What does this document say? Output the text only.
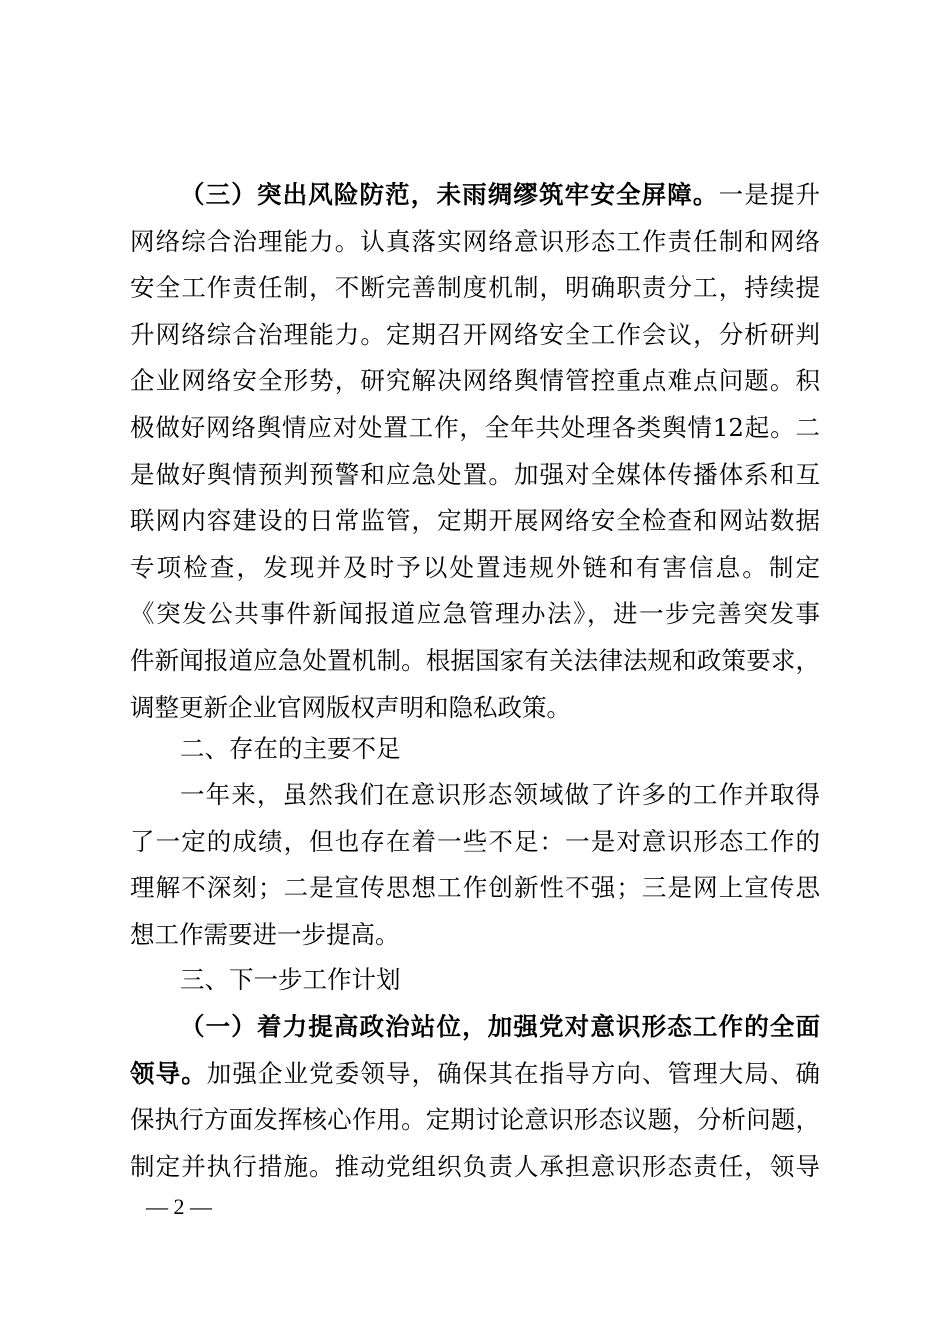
（三）突出风险防范，未雨绸缪筑牢安全屏障。一是提升
网络综合治理能力。认真落实网络意识形态工作责任制和网络
安全工作责任制，不断完善制度机制，明确职责分工，持续提
升网络综合治理能力。定期召开网络安全工作会议，分析研判
企业网络安全形势，研究解决网络舆情管控重点难点问题。积
极做好网络舆情应对处置工作，全年共处理各类舆情12起。二
是做好舆情预判预警和应急处置。加强对全媒体传播体系和互
联网内容建设的日常监管，定期开展网络安全检查和网站数据
专项检查，发现并及时予以处置违规外链和有害信息。制定
《突发公共事件新闻报道应急管理办法》，进一步完善突发事
件新闻报道应急处置机制。根据国家有关法律法规和政策要求，
调整更新企业官网版权声明和隐私政策。
二、存在的主要不足
一年来，虽然我们在意识形态领域做了许多的工作并取得
了一定的成绩，但也存在着一些不足：一是对意识形态工作的
理解不深刻；二是宣传思想工作创新性不强；三是网上宣传思
想工作需要进一步提高。
三、下一步工作计划
（一）着力提高政治站位，加强党对意识形态工作的全面
领导。加强企业党委领导，确保其在指导方向、管理大局、确
保执行方面发挥核心作用。定期讨论意识形态议题，分析问题，
制定并执行措施。推动党组织负责人承担意识形态责任，领导
— 2 —
